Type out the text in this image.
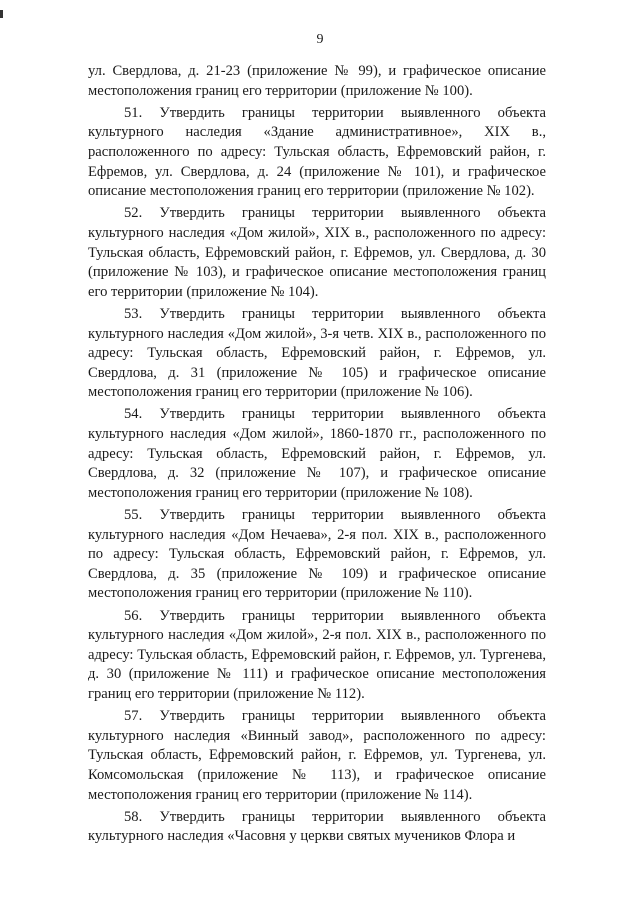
9

ул. Свердлова, д. 21-23 (приложение № 99), и графическое описание местоположения границ его территории (приложение № 100).

51. Утвердить границы территории выявленного объекта культурного наследия «Здание административное», XIX в., расположенного по адресу: Тульская область, Ефремовский район, г. Ефремов, ул. Свердлова, д. 24 (приложение № 101), и графическое описание местоположения границ его территории (приложение № 102).

52. Утвердить границы территории выявленного объекта культурного наследия «Дом жилой», XIX в., расположенного по адресу: Тульская область, Ефремовский район, г. Ефремов, ул. Свердлова, д. 30 (приложение № 103), и графическое описание местоположения границ его территории (приложение № 104).

53. Утвердить границы территории выявленного объекта культурного наследия «Дом жилой», 3-я четв. XIX в., расположенного по адресу: Тульская область, Ефремовский район, г. Ефремов, ул. Свердлова, д. 31 (приложение № 105) и графическое описание местоположения границ его территории (приложение № 106).

54. Утвердить границы территории выявленного объекта культурного наследия «Дом жилой», 1860-1870 гг., расположенного по адресу: Тульская область, Ефремовский район, г. Ефремов, ул. Свердлова, д. 32 (приложение № 107), и графическое описание местоположения границ его территории (приложение № 108).

55. Утвердить границы территории выявленного объекта культурного наследия «Дом Нечаева», 2-я пол. XIX в., расположенного по адресу: Тульская область, Ефремовский район, г. Ефремов, ул. Свердлова, д. 35 (приложение № 109) и графическое описание местоположения границ его территории (приложение № 110).

56. Утвердить границы территории выявленного объекта культурного наследия «Дом жилой», 2-я пол. XIX в., расположенного по адресу: Тульская область, Ефремовский район, г. Ефремов, ул. Тургенева, д. 30 (приложение № 111) и графическое описание местоположения границ его территории (приложение № 112).

57. Утвердить границы территории выявленного объекта культурного наследия «Винный завод», расположенного по адресу: Тульская область, Ефремовский район, г. Ефремов, ул. Тургенева, ул. Комсомольская (приложение № 113), и графическое описание местоположения границ его территории (приложение № 114).

58. Утвердить границы территории выявленного объекта культурного наследия «Часовня у церкви святых мучеников Флора и
